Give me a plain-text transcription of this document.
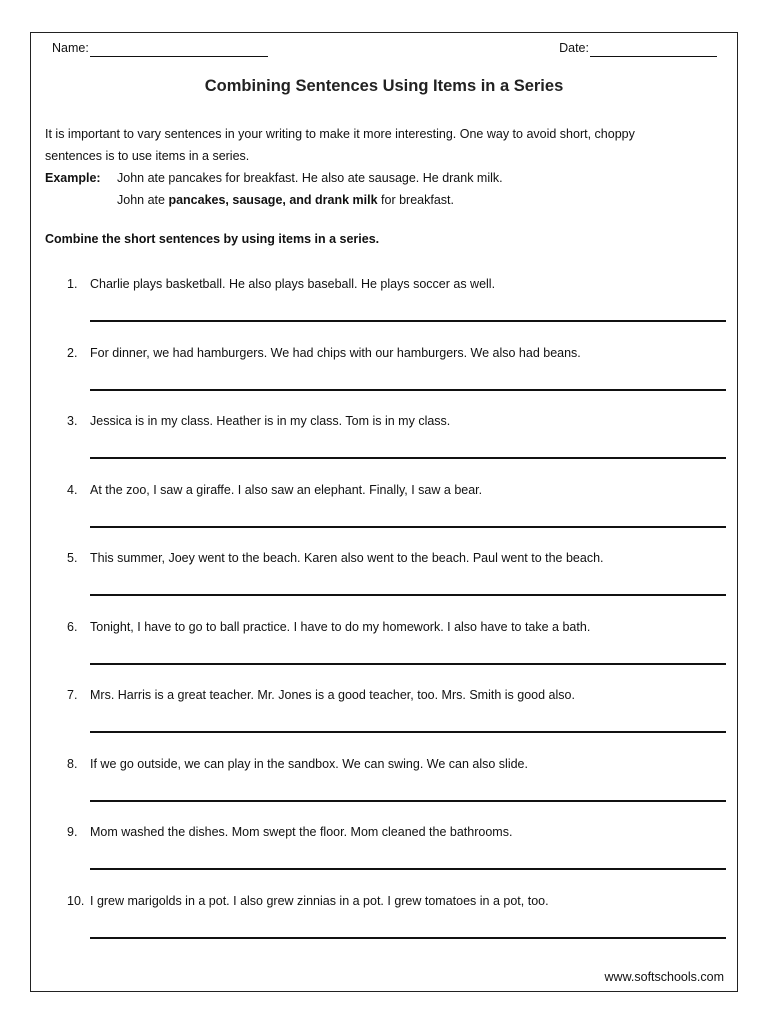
Name:	Date:
Combining Sentences Using Items in a Series
It is important to vary sentences in your writing to make it more interesting. One way to avoid short, choppy
sentences is to use items in a series.
Example: John ate pancakes for breakfast. He also ate sausage. He drank milk.
John ate pancakes, sausage, and drank milk for breakfast.
Combine the short sentences by using items in a series.
1. Charlie plays basketball. He also plays baseball. He plays soccer as well.
2. For dinner, we had hamburgers. We had chips with our hamburgers. We also had beans.
3. Jessica is in my class. Heather is in my class. Tom is in my class.
4. At the zoo, I saw a giraffe. I also saw an elephant. Finally, I saw a bear.
5. This summer, Joey went to the beach. Karen also went to the beach. Paul went to the beach.
6. Tonight, I have to go to ball practice. I have to do my homework. I also have to take a bath.
7. Mrs. Harris is a great teacher. Mr. Jones is a good teacher, too. Mrs. Smith is good also.
8. If we go outside, we can play in the sandbox. We can swing. We can also slide.
9. Mom washed the dishes. Mom swept the floor. Mom cleaned the bathrooms.
10. I grew marigolds in a pot. I also grew zinnias in a pot. I grew tomatoes in a pot, too.
www.softschools.com
